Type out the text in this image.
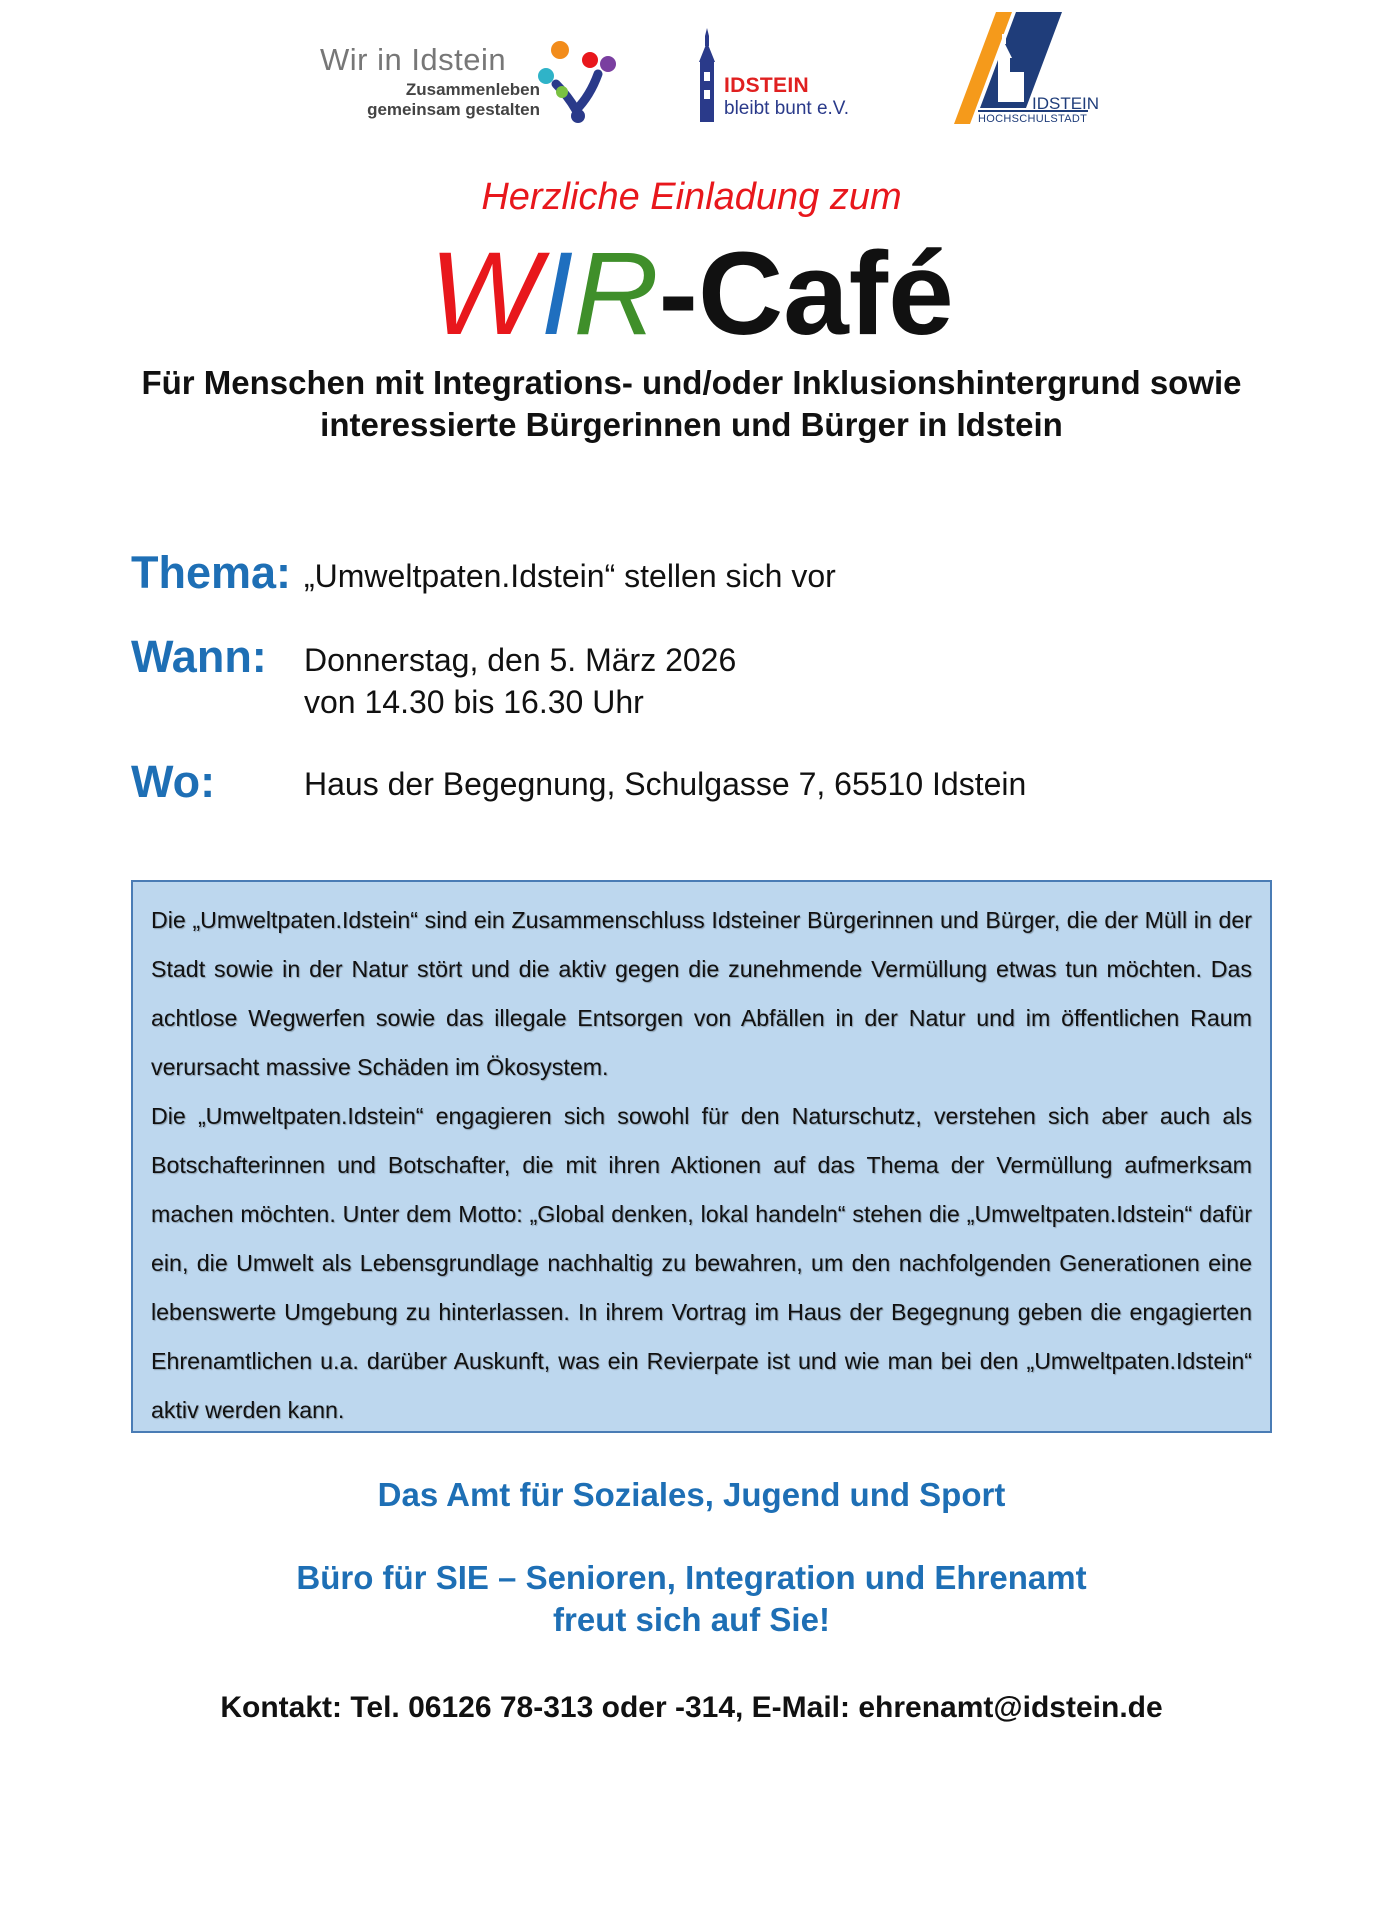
Wir in Idstein
Zusammenleben
gemeinsam gestalten
IDSTEIN
bleibt bunt e.V.	IDSTEIN
HOCHSCHULSTADT
Herzliche Einladung zum
WIR-Café
Für Menschen mit Integrations- und/oder Inklusionshintergrund sowie interessierte Bürgerinnen und Bürger in Idstein
Thema: „Umweltpaten.Idstein“ stellen sich vor
Wann: Donnerstag, den 5. März 2026
von 14.30 bis 16.30 Uhr
Wo:	Haus der Begegnung, Schulgasse 7, 65510 Idstein

Die „Umweltpaten.Idstein“ sind ein Zusammenschluss Idsteiner Bürgerinnen und Bürger, die der Müll in der Stadt sowie in der Natur stört und die aktiv gegen die zunehmende Vermüllung etwas tun möchten. Das achtlose Wegwerfen sowie das illegale Entsorgen von Abfällen in der Natur und im öffentlichen Raum verursacht massive Schäden im Ökosystem.

Die „Umweltpaten.Idstein“ engagieren sich sowohl für den Naturschutz, verstehen sich aber auch als Botschafterinnen und Botschafter, die mit ihren Aktionen auf das Thema der Vermüllung aufmerksam machen möchten. Unter dem Motto: „Global denken, lokal handeln“ stehen die „Umweltpaten.Idstein“ dafür ein, die Umwelt als Lebensgrundlage nachhaltig zu bewahren, um den nachfolgenden Generationen eine lebenswerte Umgebung zu hinterlassen. In ihrem Vortrag im Haus der Begegnung geben die engagierten Ehrenamtlichen u.a. darüber Auskunft, was ein Revierpate ist und wie man bei den „Umweltpaten.Idstein“ aktiv werden kann.

Das Amt für Soziales, Jugend und Sport
Büro für SIE – Senioren, Integration und Ehrenamt
freut sich auf Sie!
Kontakt: Tel. 06126 78-313 oder -314, E-Mail: ehrenamt@idstein.de
